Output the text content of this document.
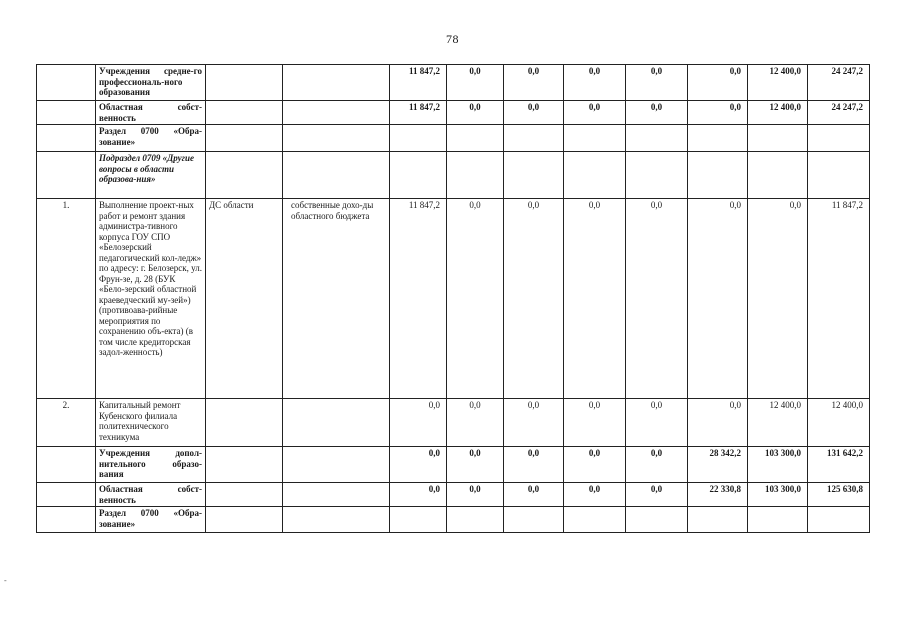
78
	Учреждения средне-го профессиональ-ного образования			11 847,2	0,0	0,0	0,0	0,0	0,0	12 400,0	24 247,2
	Областная собст-венность			11 847,2	0,0	0,0	0,0	0,0	0,0	12 400,0	24 247,2
	Раздел 0700 «Обра-зование»										
	Подраздел 0709 «Другие вопросы в области образова-ния»										
1.	Выполнение проект-ных работ и ремонт здания администра-тивного корпуса ГОУ СПО «Белозерский педагогический кол-ледж» по адресу: г. Белозерск, ул. Фрун-зе, д. 28 (БУК «Бело-зерский областной краеведческий му-зей») (противоава-рийные мероприятия по сохранению объ-екта) (в том числе кредиторская задол-женность)	ДС области	собственные дохо-ды областного бюджета	11 847,2	0,0	0,0	0,0	0,0	0,0	0,0	11 847,2
2.	Капитальный ремонт Кубенского филиала политехнического техникума			0,0	0,0	0,0	0,0	0,0	0,0	12 400,0	12 400,0
	Учреждения допол-нительного образо-вания			0,0	0,0	0,0	0,0	0,0	28 342,2	103 300,0	131 642,2
	Областная собст-венность			0,0	0,0	0,0	0,0	0,0	22 330,8	103 300,0	125 630,8
	Раздел 0700 «Обра-зование»										
-
